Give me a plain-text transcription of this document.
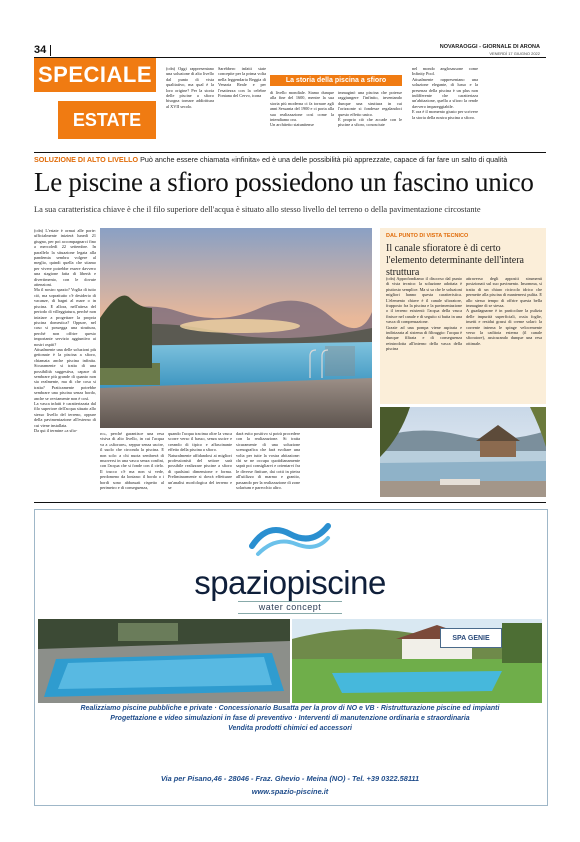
34	NOVARAOGGI - GIORNALE DI ARONA
VENERDÌ 17 GIUGNO 2022
SPECIALE
ESTATE
La storia della piscina a sfioro
(cdn) Oggi rappresentano una soluzione di alto livello dal punto di vista qualitativo, ma qual è la loro origine? Per la storia delle piscine a sfioro bisogna tornare addirittura al XVII secolo.
Sarebbero infatti state concepite per la prima volta nella leggendaria Reggia di Venaria Reale e per l'esattezza con la celebre Fontana del Cervo, icona
di livello mondiale. Siamo dunque alla fine del 1600, mentre la sua storia più moderna ci fa tornare agli anni Sessanta del 1900 e ci porta alla sua realizzazione così come la intendiamo ora.
Un architetto statunitense
immaginò una piscina che potesse raggiungere l'infinito, inventando dunque una struttura in cui l'orizzonte si fondesse regalandoci questo effetto unico.
È proprio ciò che accade con le piscine a sfioro, conosciute
nel mondo anglosassone come Infinity Pool.
Attualmente rappresentano una soluzione elegante, di lusso e la presenza della piscina è un plus non indifferente che caratterizza un'abitazione, quella a sfioro la rende davvero impareggiabile.
E ora è il momento giusto per scrivere la storia della nostra piscina a sfioro.
SOLUZIONE DI ALTO LIVELLO Può anche essere chiamata «infinita» ed è una delle possibilità più apprezzate, capace di far fare un salto di qualità
Le piscine a sfioro possiedono un fascino unico
La sua caratteristica chiave è che il filo superiore dell'acqua è situato allo stesso livello del terreno o della pavimentazione circostante
(cdn) L'estate è ormai alle porte: ufficialmente inizierà lunedì 21 giugno, per poi accompagnarci fino a mercoledì 22 settembre. In parallelo la situazione legata alla pandemia sembra volgere al meglio, quindi quella che stiamo per vivere potrebbe essere davvero una stagione fatta di libertà e divertimento, con le dovute attenzioni.
Ma il nostro spazio? Voglia di tutto ciò, ma soprattutto c'è desiderio di vacanze, di bagni al mare o in piscina. E allora, nell'attesa del periodo di villeggiatura, perché non iniziare a progettare la propria piscina domestica? Oppure, nel caso si possegga una struttura, perché non offrire questo importante servizio aggiuntivo ai nostri ospiti?
Attualmente una delle soluzioni più gettonate è la piscina a sfioro, chiamata anche piscina infinita. Sicuramente si tratta di una possibilità suggestiva, capace di sembrare più grande di quanto non sia realmente, ma di che cosa si tratta? Praticamente potrebbe sembrare una piscina senza bordo, anche se ovviamente non è così.
La vasca infatti è caratterizzata dal filo superiore dell'acqua situato allo stesso livello del terreno, oppure della pavimentazione all'esterno di cui viene installata.
Da qui il termine «a sfio-
ro», perché garantisce una resa visiva di alto livello, in cui l'acqua va a «sfiorare», seppur senza uscire, il suolo che circonda la piscina. E non solo: a chi nuota sembrerà di muoversi in una vasca senza confini, con l'acqua che si fonde con il cielo. Il trucco c'è ma non si vede, perdomeno da lontano: il bordo o i bordi sono abbassati rispetto al perimetro e di conseguenza,
quando l'acqua tracima oltre la vasca scorre verso il basso, senza uscire e creando di tipico e affascinante effetto della piscina a sfioro.
Naturalmente affidandosi ai migliori professionisti del settore sarà possibile realizzare piscine a sfioro di qualsiasi dimensione e forma. Preliminarmente si dovrà effettuare un'analisi morfologica del terreno e se
darà esito positivo si potrà procedere con la realizzazione. Si tratta sicuramente di una soluzione scenografica che farà svoltare una volta per tutte la vostra abitazione: chi se ne occupa quotidianamente saprà poi consigliarvi e orientarvi fra le diverse finiture, dai cotti in pietra all'utilizzo di marmo e granito, passando per la realizzazione di zone solarium e parecchio altro.
DAL PUNTO DI VISTA TECNICO
Il canale sfioratore è di certo l'elemento determinante dell'intera struttura
(cdn) Approfondiamo il discorso dal punto di vista tecnico: la soluzione adottata è piuttosto semplice. Ma si sa che le soluzioni migliori hanno questa caratteristica. L'elemento chiave è il canale sfioratore, frapposto fra la piscina e la pavimentazione o il terreno esistenti: l'acqua della vasca finisce nel canale e di seguito si butta in una vasca di compensazione.
Grazie ad una pompa viene aspirata e indirizzata al sistema di filtraggio: l'acqua è dunque filtrata e di conseguenza reintrodotta all'interno della vasca della piscina
attraverso degli appositi strumenti posizionati sul suo pavimento. Insomma, si tratta di un chiaro ricircolo idrico che permette alla piscina di mantenersi pulita. E allo stesso tempo di offrire questa bella immagine di se stessa.
A guadagnarne è in particolare la pulizia delle impurità superficiali, ossia foglie, insetti e residui grassi di creme solari: la corrente interna le spinge velocemente verso la caditoia esterna (il canale sfioratore), assicurando dunque una resa ottimale.
spaziopiscine
water concept
SPA GENIE
Realizziamo piscine pubbliche e private · Concessionario Busatta per la prov di NO e VB · Ristrutturazione piscine ed impianti
Progettazione e video simulazioni in fase di preventivo · Interventi di manutenzione ordinaria e straordinaria
Vendita prodotti chimici ed accessori
Via per Pisano,46 - 28046 - Fraz. Ghevio - Meina (NO) - Tel. +39 0322.58111
www.spazio-piscine.it
